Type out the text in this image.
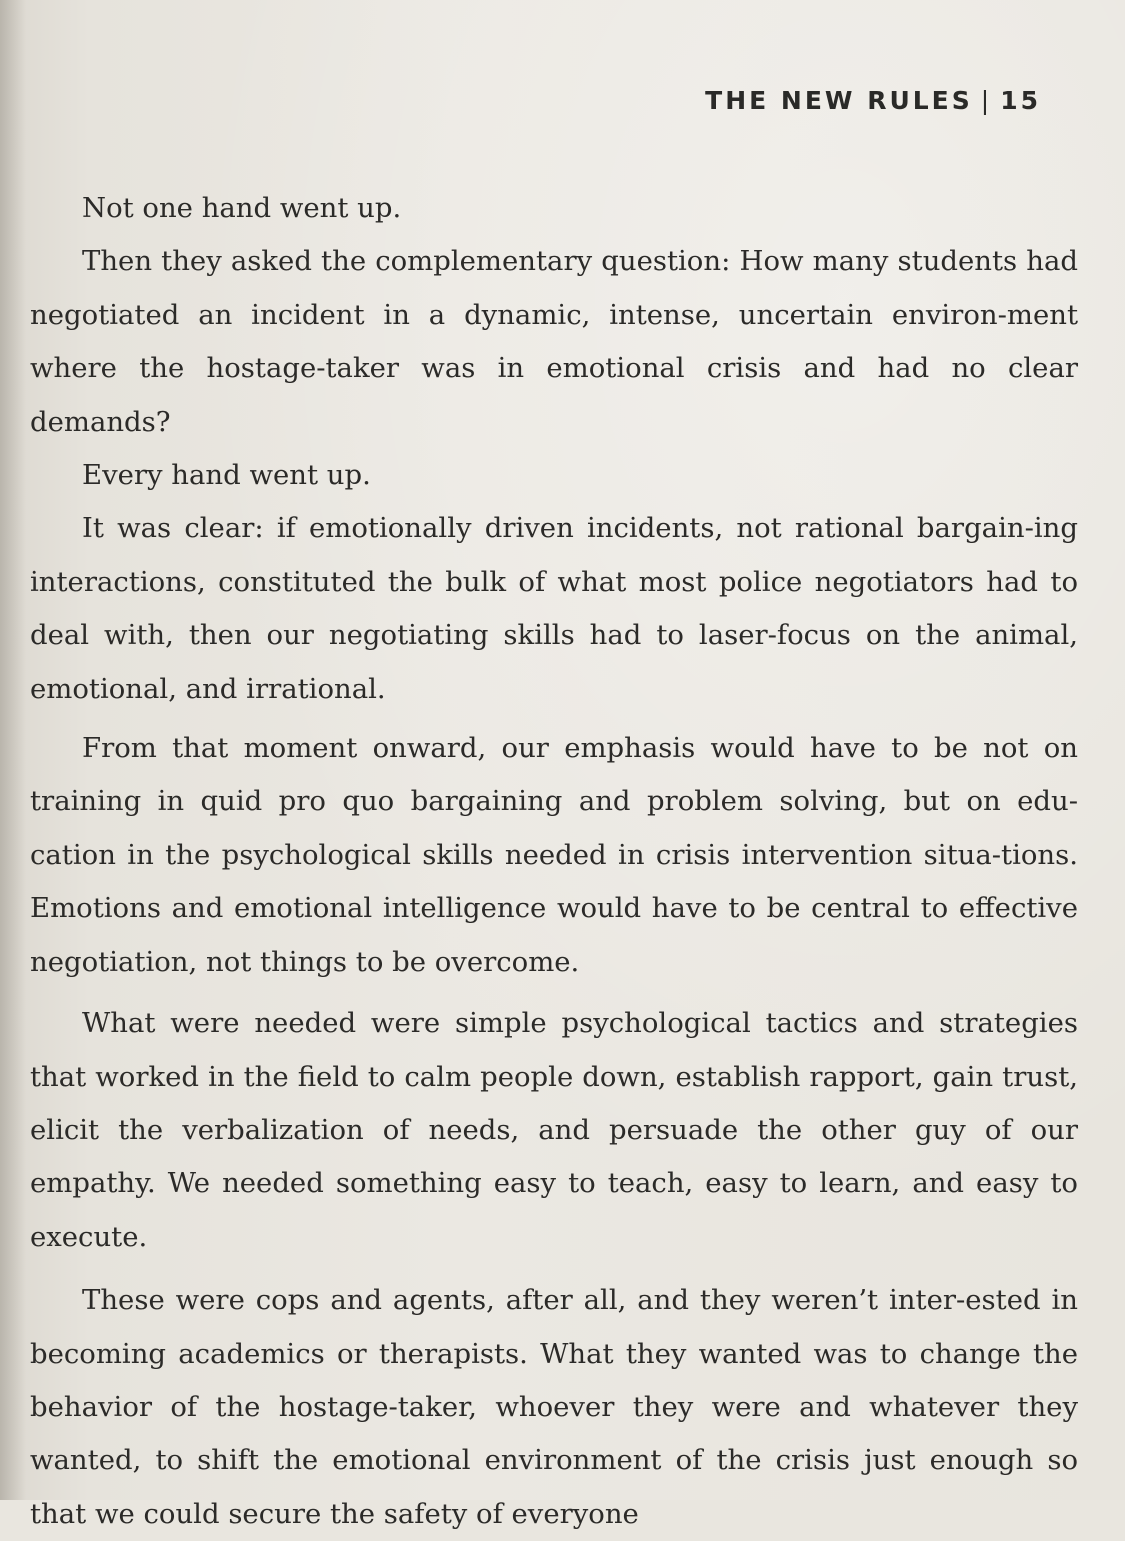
THE NEW RULES | 15

Not one hand went up.

Then they asked the complementary question: How many students had negotiated an incident in a dynamic, intense, uncertain environ-ment where the hostage-taker was in emotional crisis and had no clear demands?

Every hand went up.

It was clear: if emotionally driven incidents, not rational bargain-ing interactions, constituted the bulk of what most police negotiators had to deal with, then our negotiating skills had to laser-focus on the animal, emotional, and irrational.

From that moment onward, our emphasis would have to be not on training in quid pro quo bargaining and problem solving, but on edu-cation in the psychological skills needed in crisis intervention situa-tions. Emotions and emotional intelligence would have to be central to effective negotiation, not things to be overcome.

What were needed were simple psychological tactics and strategies that worked in the field to calm people down, establish rapport, gain trust, elicit the verbalization of needs, and persuade the other guy of our empathy. We needed something easy to teach, easy to learn, and easy to execute.

These were cops and agents, after all, and they weren’t inter-ested in becoming academics or therapists. What they wanted was to change the behavior of the hostage-taker, whoever they were and whatever they wanted, to shift the emotional environment of the crisis just enough so that we could secure the safety of everyone
